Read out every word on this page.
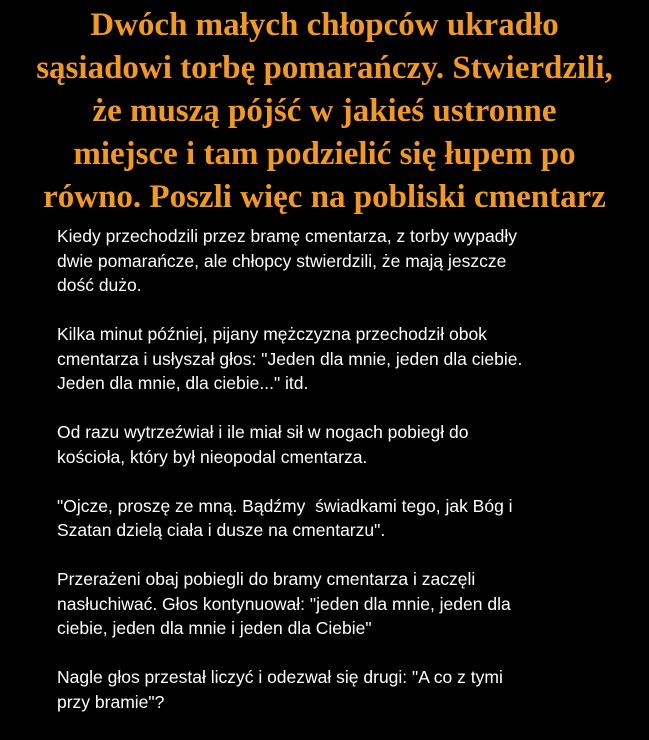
Dwóch małych chłopców ukradło
sąsiadowi torbę pomarańczy. Stwierdzili,
że muszą pójść w jakieś ustronne
miejsce i tam podzielić się łupem po
równo. Poszli więc na pobliski cmentarz

Kiedy przechodzili przez bramę cmentarza, z torby wypadły
dwie pomarańcze, ale chłopcy stwierdzili, że mają jeszcze
dość dużo.

Kilka minut później, pijany mężczyzna przechodził obok
cmentarza i usłyszał głos: "Jeden dla mnie, jeden dla ciebie.
Jeden dla mnie, dla ciebie..." itd.

Od razu wytrzeźwiał i ile miał sił w nogach pobiegł do
kościoła, który był nieopodal cmentarza.

"Ojcze, proszę ze mną. Bądźmy  świadkami tego, jak Bóg i
Szatan dzielą ciała i dusze na cmentarzu".

Przerażeni obaj pobiegli do bramy cmentarza i zaczęli
nasłuchiwać. Głos kontynuował: "jeden dla mnie, jeden dla
ciebie, jeden dla mnie i jeden dla Ciebie"

Nagle głos przestał liczyć i odezwał się drugi: "A co z tymi
przy bramie"?
